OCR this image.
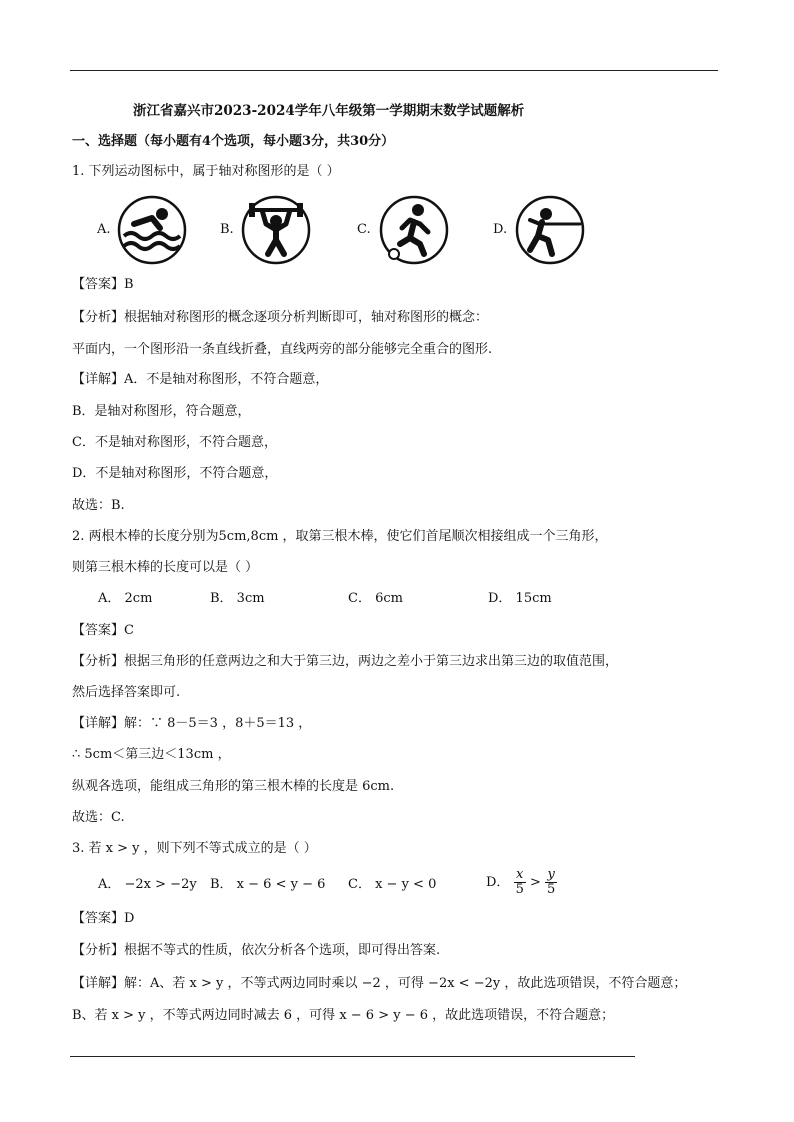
浙江省嘉兴市2023-2024学年八年级第一学期期末数学试题解析
一、选择题（每小题有4个选项，每小题3分，共30分）
1. 下列运动图标中，属于轴对称图形的是（ ）
A.	B.	C.	D.
【答案】B
【分析】根据轴对称图形的概念逐项分析判断即可，轴对称图形的概念：
平面内，一个图形沿一条直线折叠，直线两旁的部分能够完全重合的图形.
【详解】A．不是轴对称图形，不符合题意，
B．是轴对称图形，符合题意，
C．不是轴对称图形，不符合题意，
D．不是轴对称图形，不符合题意，
故选：B.
2. 两根木棒的长度分别为5cm,8cm ，取第三根木棒，使它们首尾顺次相接组成一个三角形，
则第三根木棒的长度可以是（ ）
A． 2cm	B． 3cm	C． 6cm	D． 15cm
【答案】C
【分析】根据三角形的任意两边之和大于第三边，两边之差小于第三边求出第三边的取值范围，
然后选择答案即可.
【详解】解：∵ 8－5＝3 ，8＋5＝13 ，
∴ 5cm＜第三边＜13cm ，
纵观各选项，能组成三角形的第三根木棒的长度是 6cm.
故选：C.
3. 若 x > y ，则下列不等式成立的是（ ）
A． −2x > −2y B． x − 6 < y − 6 C． x − y < 0	D． $\frac{x}{5} > \frac{y}{5}$
【答案】D
【分析】根据不等式的性质，依次分析各个选项，即可得出答案.
【详解】解：A、若 x > y ，不等式两边同时乘以 −2 ，可得 −2x < −2y ，故此选项错误，不符合题意；
B、若 x > y ，不等式两边同时减去 6 ，可得 x − 6 > y − 6 ，故此选项错误，不符合题意；
